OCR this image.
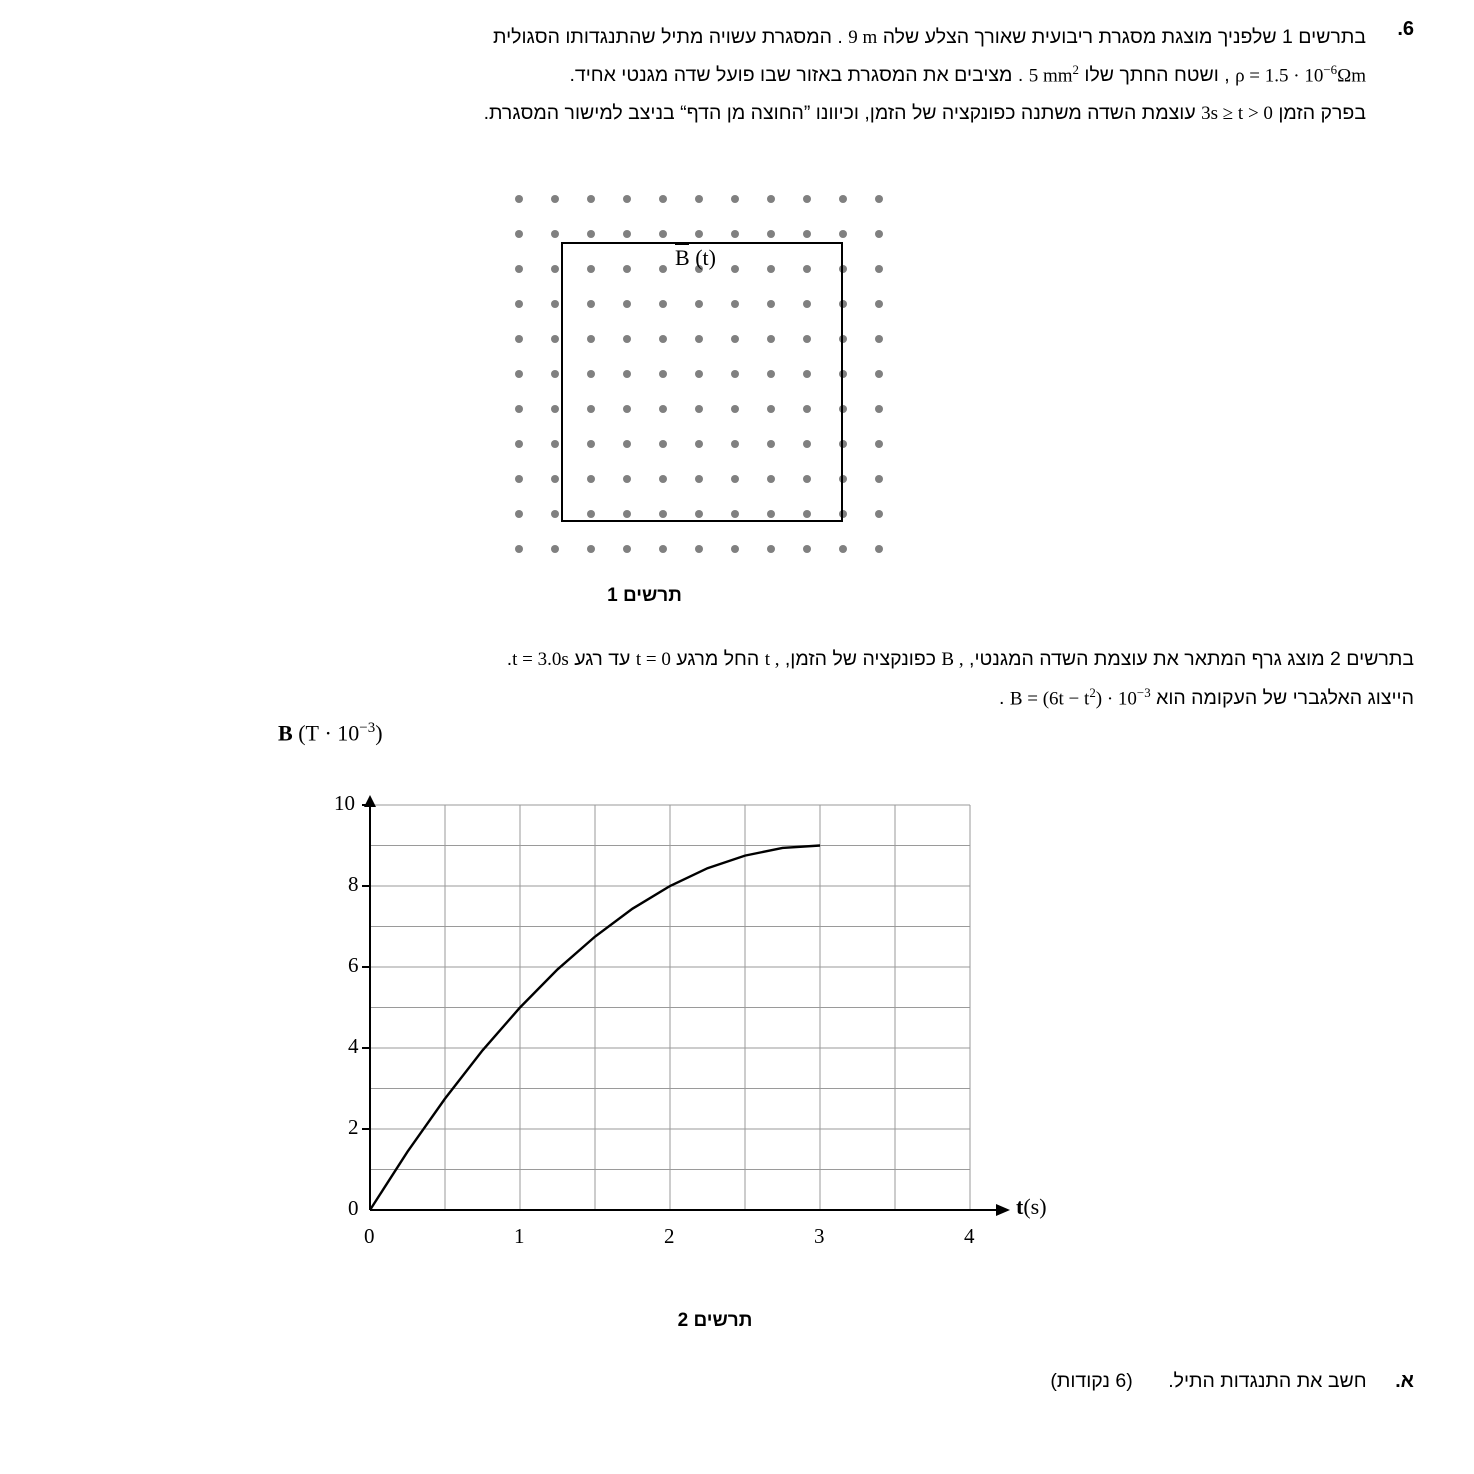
6.
בתרשים 1 שלפניך מוצגת מסגרת ריבועית שאורך הצלע שלה 9 m . המסגרת עשויה מתיל שהתנגדותו הסגולית
$\rho = 1.5 \cdot 10^{-6}\Omega m$ , ושטח החתך שלו 5 $mm^2$ . מציבים את המסגרת באזור שבו פועל שדה מגנטי אחיד.
בפרק הזמן 3s ≥ t > 0 עוצמת השדה משתנה כפונקציה של הזמן, וכיוונו ”החוצה מן הדף“ בניצב למישור המסגרת.
B (t)
תרשים 1
בתרשים 2 מוצג גרף המתאר את עוצמת השדה המגנטי, B , כפונקציה של הזמן, t , החל מרגע t = 0 עד רגע t = 3.0s.
הייצוג האלגברי של העקומה הוא $B = (6t - t^2) \cdot 10^{-3}$ .
B $(T \cdot 10^{-3})$
0
2
4
6
8
10
0	1	2	3	4
t(s)
תרשים 2
א. חשב את התנגדות התיל. (6 נקודות)
